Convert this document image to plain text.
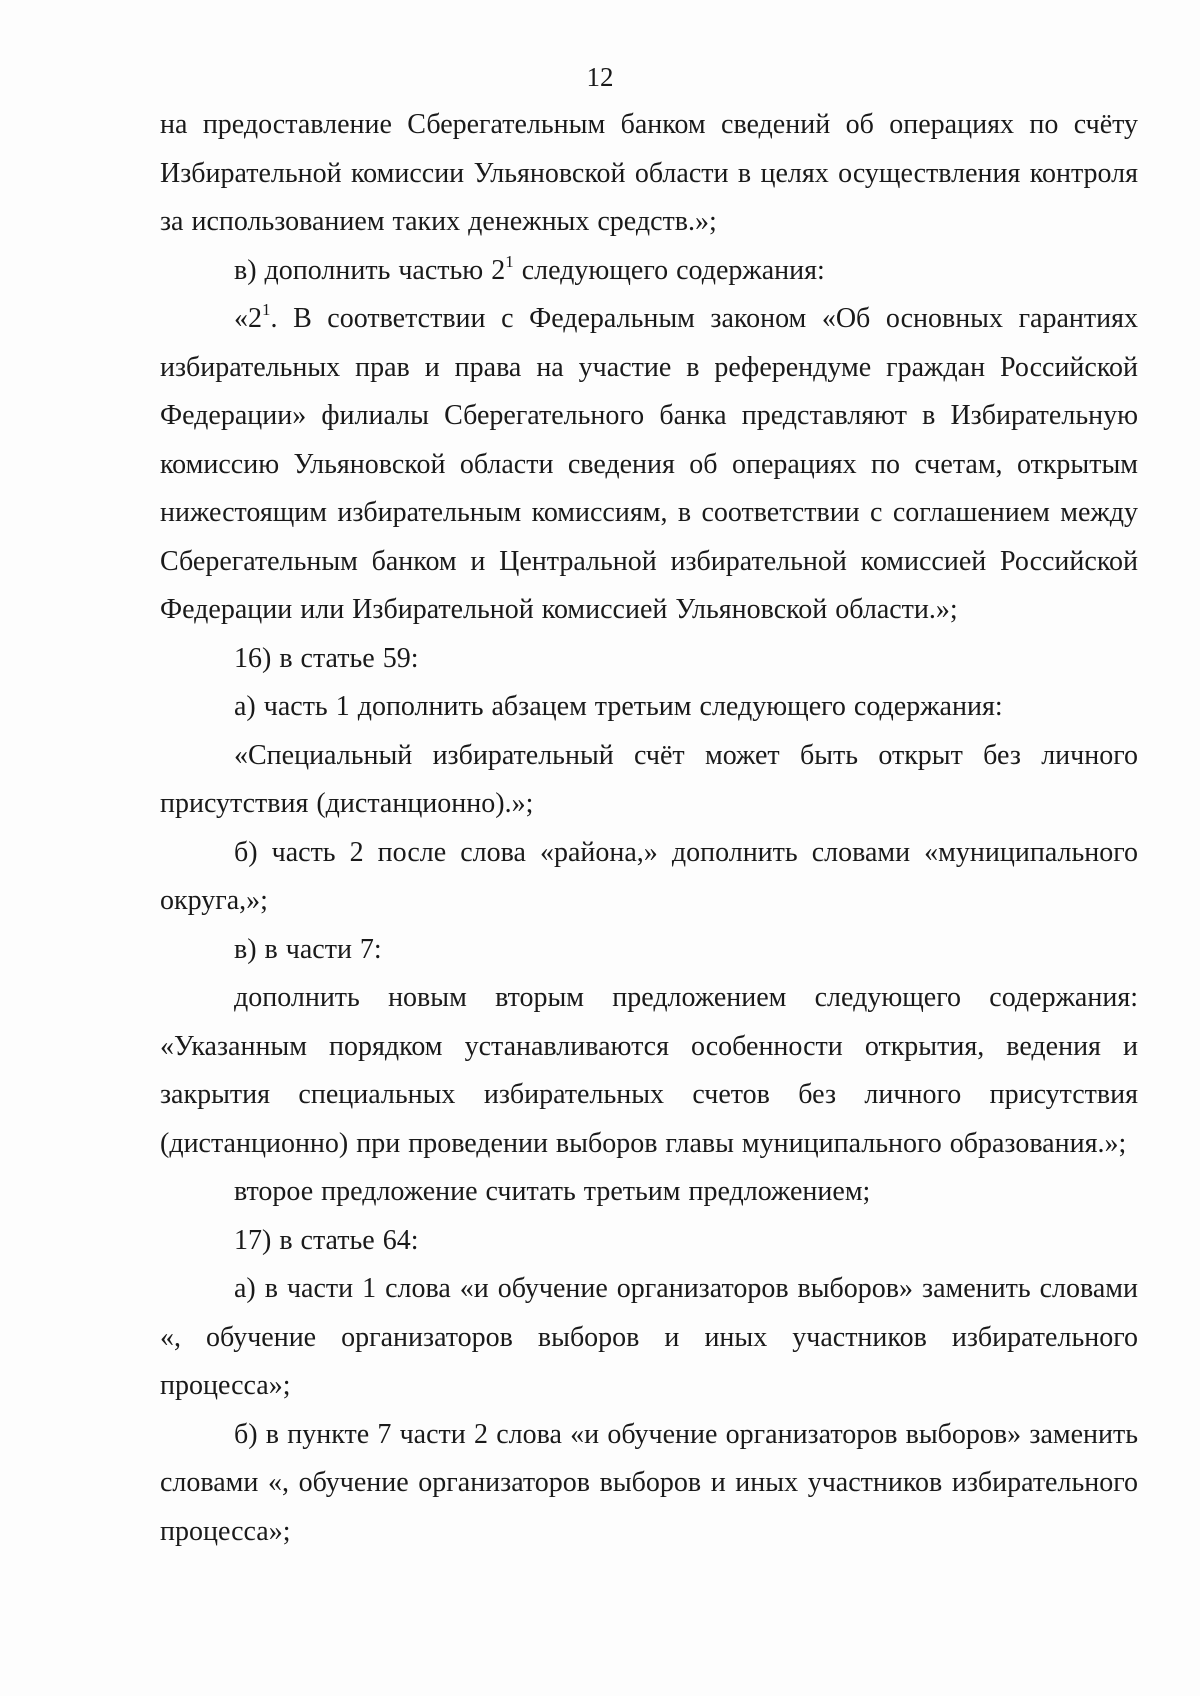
12

на предоставление Сберегательным банком сведений об операциях по счёту Избирательной комиссии Ульяновской области в целях осуществления контроля за использованием таких денежных средств.»;

в) дополнить частью $2^1$ следующего содержания:

«$2^1$. В соответствии с Федеральным законом «Об основных гарантиях избирательных прав и права на участие в референдуме граждан Российской Федерации» филиалы Сберегательного банка представляют в Избирательную комиссию Ульяновской области сведения об операциях по счетам, открытым нижестоящим избирательным комиссиям, в соответствии с соглашением между Сберегательным банком и Центральной избирательной комиссией Российской Федерации или Избирательной комиссией Ульяновской области.»;

16) в статье 59:

а) часть 1 дополнить абзацем третьим следующего содержания:

«Специальный избирательный счёт может быть открыт без личного присутствия (дистанционно).»;

б) часть 2 после слова «района,» дополнить словами «муниципального округа,»;

в) в части 7:

дополнить новым вторым предложением следующего содержания: «Указанным порядком устанавливаются особенности открытия, ведения и закрытия специальных избирательных счетов без личного присутствия (дистанционно) при проведении выборов главы муниципального образования.»;

второе предложение считать третьим предложением;

17) в статье 64:

а) в части 1 слова «и обучение организаторов выборов» заменить словами «, обучение организаторов выборов и иных участников избирательного процесса»;

б) в пункте 7 части 2 слова «и обучение организаторов выборов» заменить словами «, обучение организаторов выборов и иных участников избирательного процесса»;
